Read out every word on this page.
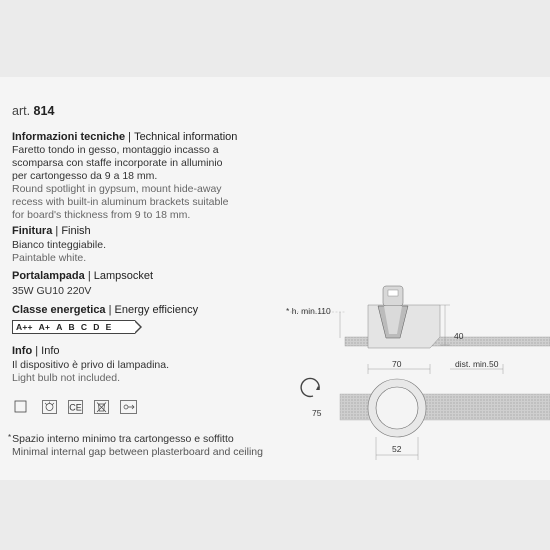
art. 814
Informazioni tecniche | Technical information
Faretto tondo in gesso, montaggio incasso a
scomparsa con staffe incorporate in alluminio
per cartongesso da 9 a 18 mm.
Round spotlight in gypsum, mount hide-away
recess with built-in aluminum brackets suitable
for board's thickness from 9 to 18 mm.
Finitura | Finish
Bianco tinteggiabile.
Paintable white.
Portalampada | Lampsocket
35W GU10 220V
Classe energetica | Energy efficiency
A++ A+ A B C D E
Info | Info
Il dispositivo è privo di lampadina.
Light bulb not included.
CE
*Spazio interno minimo tra cartongesso e soffitto
Minimal internal gap between plasterboard and ceiling
* h. min.110
40
70	dist. min.50
75
52
